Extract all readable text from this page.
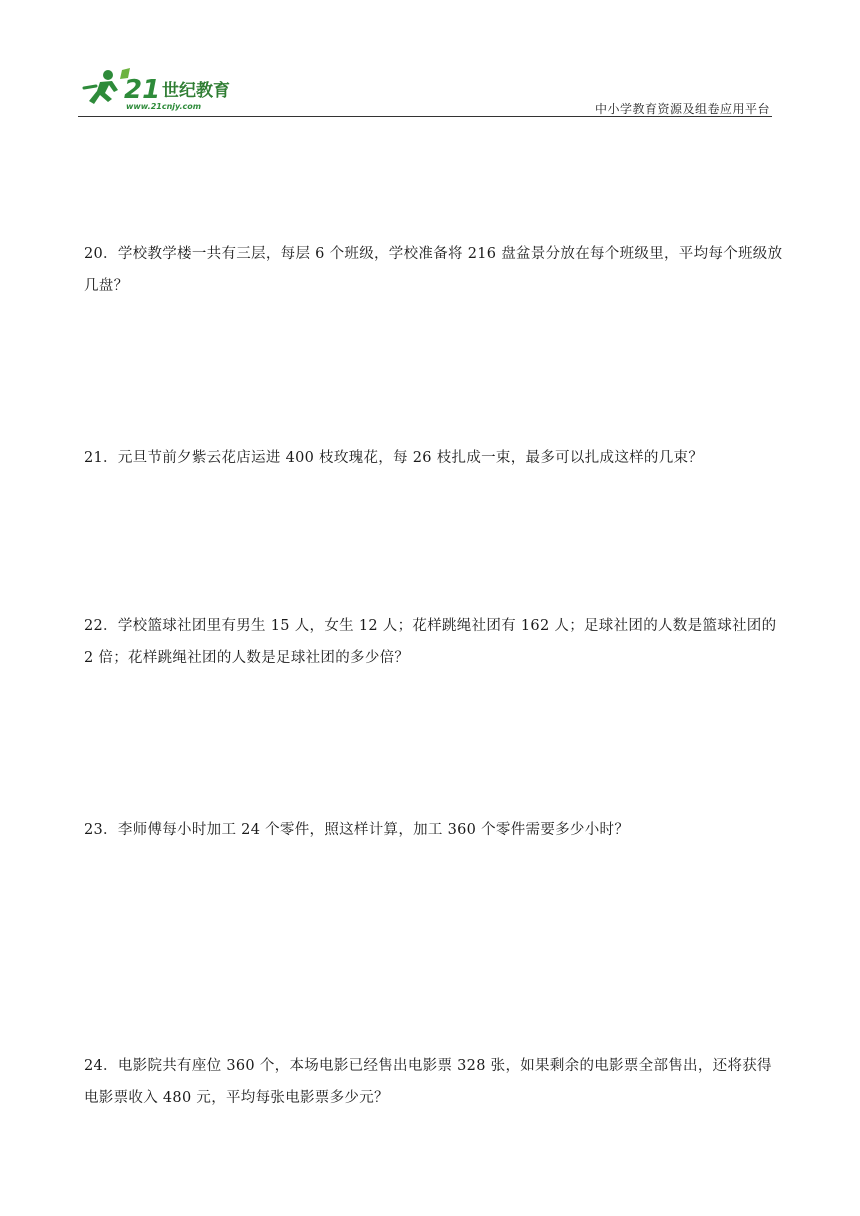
21 世纪教育
www.21cnjy.com	中小学教育资源及组卷应用平台
20．学校教学楼一共有三层，每层 6 个班级，学校准备将 216 盘盆景分放在每个班级里，平均每个班级放几盘？
21．元旦节前夕紫云花店运进 400 枝玫瑰花，每 26 枝扎成一束，最多可以扎成这样的几束？
22．学校篮球社团里有男生 15 人，女生 12 人；花样跳绳社团有 162 人；足球社团的人数是篮球社团的 2 倍；花样跳绳社团的人数是足球社团的多少倍？
23．李师傅每小时加工 24 个零件，照这样计算，加工 360 个零件需要多少小时？
24．电影院共有座位 360 个，本场电影已经售出电影票 328 张，如果剩余的电影票全部售出，还将获得电影票收入 480 元，平均每张电影票多少元？
